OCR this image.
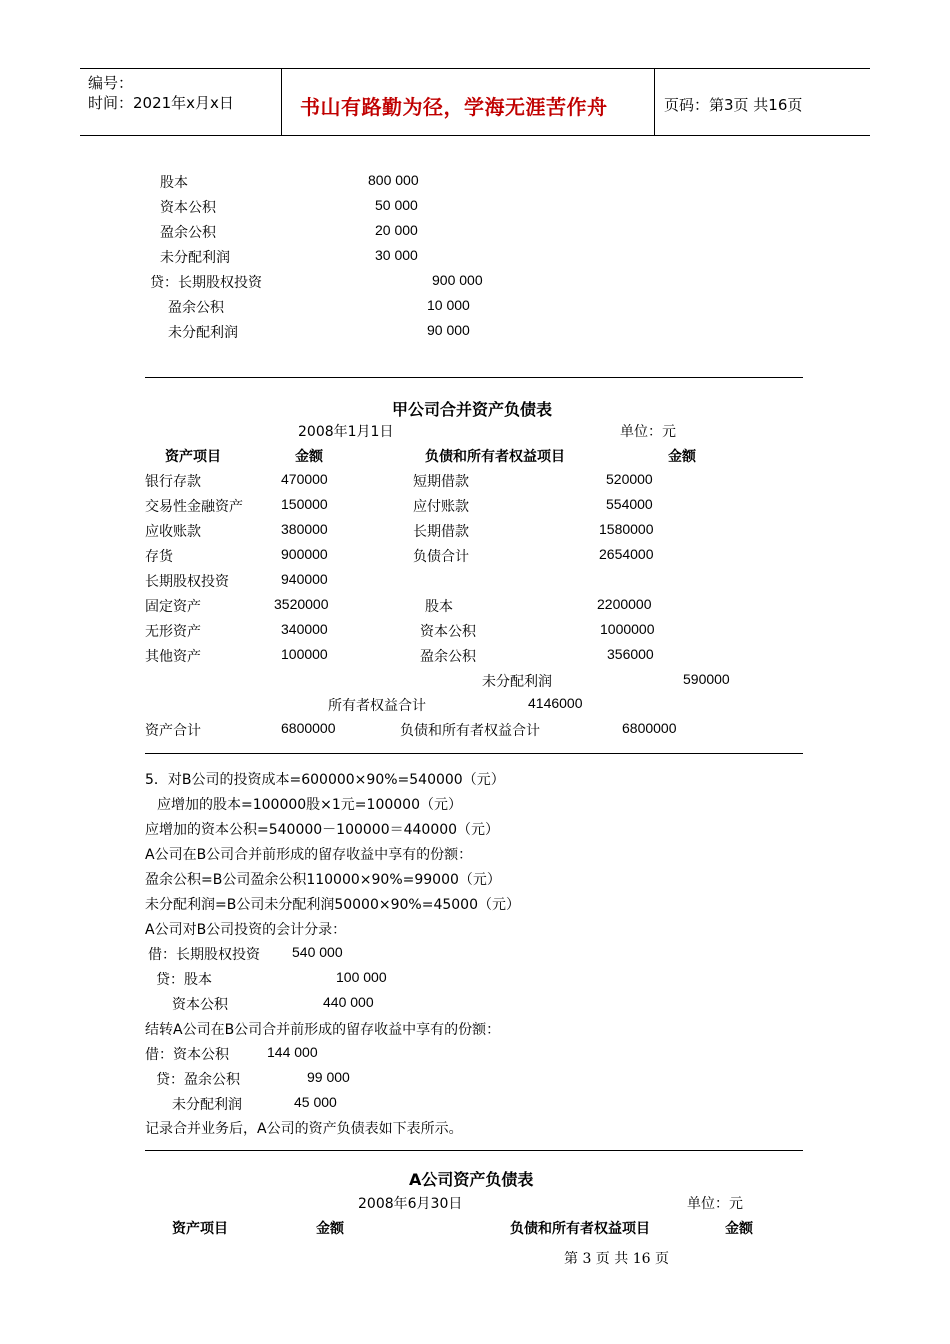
编号：
时间：2021年x月x日	书山有路勤为径，学海无涯苦作舟	页码：第3页 共16页
股本	800 000
资本公积	50 000
盈余公积	20 000
未分配利润	30 000
贷：长期股权投资	900 000
盈余公积	10 000
未分配利润	90 000
甲公司合并资产负债表
2008年1月1日	单位：元
资产项目	金额	负债和所有者权益项目	金额
银行存款	470000	短期借款	520000
交易性金融资产	150000	应付账款	554000
应收账款	380000	长期借款	1580000
存货	900000	负债合计	2654000
长期股权投资	940000
固定资产	3520000	股本	2200000
无形资产	340000	资本公积	1000000
其他资产	100000	盈余公积	356000
未分配利润	590000
所有者权益合计	4146000
资产合计	6800000	负债和所有者权益合计	6800000
5．对B公司的投资成本=600000×90%=540000（元）
应增加的股本=100000股×1元=100000（元）
应增加的资本公积=540000－100000＝440000（元）
A公司在B公司合并前形成的留存收益中享有的份额：
盈余公积=B公司盈余公积110000×90%=99000（元）
未分配利润=B公司未分配利润50000×90%=45000（元）
A公司对B公司投资的会计分录：
借：长期股权投资 540 000
贷：股本	100 000
资本公积	440 000
结转A公司在B公司合并前形成的留存收益中享有的份额：
借：资本公积	144 000
贷：盈余公积	99 000
未分配利润	45 000
记录合并业务后，A公司的资产负债表如下表所示。
A公司资产负债表
2008年6月30日	单位：元
资产项目	金额	负债和所有者权益项目	金额
第 3 页 共 16 页
